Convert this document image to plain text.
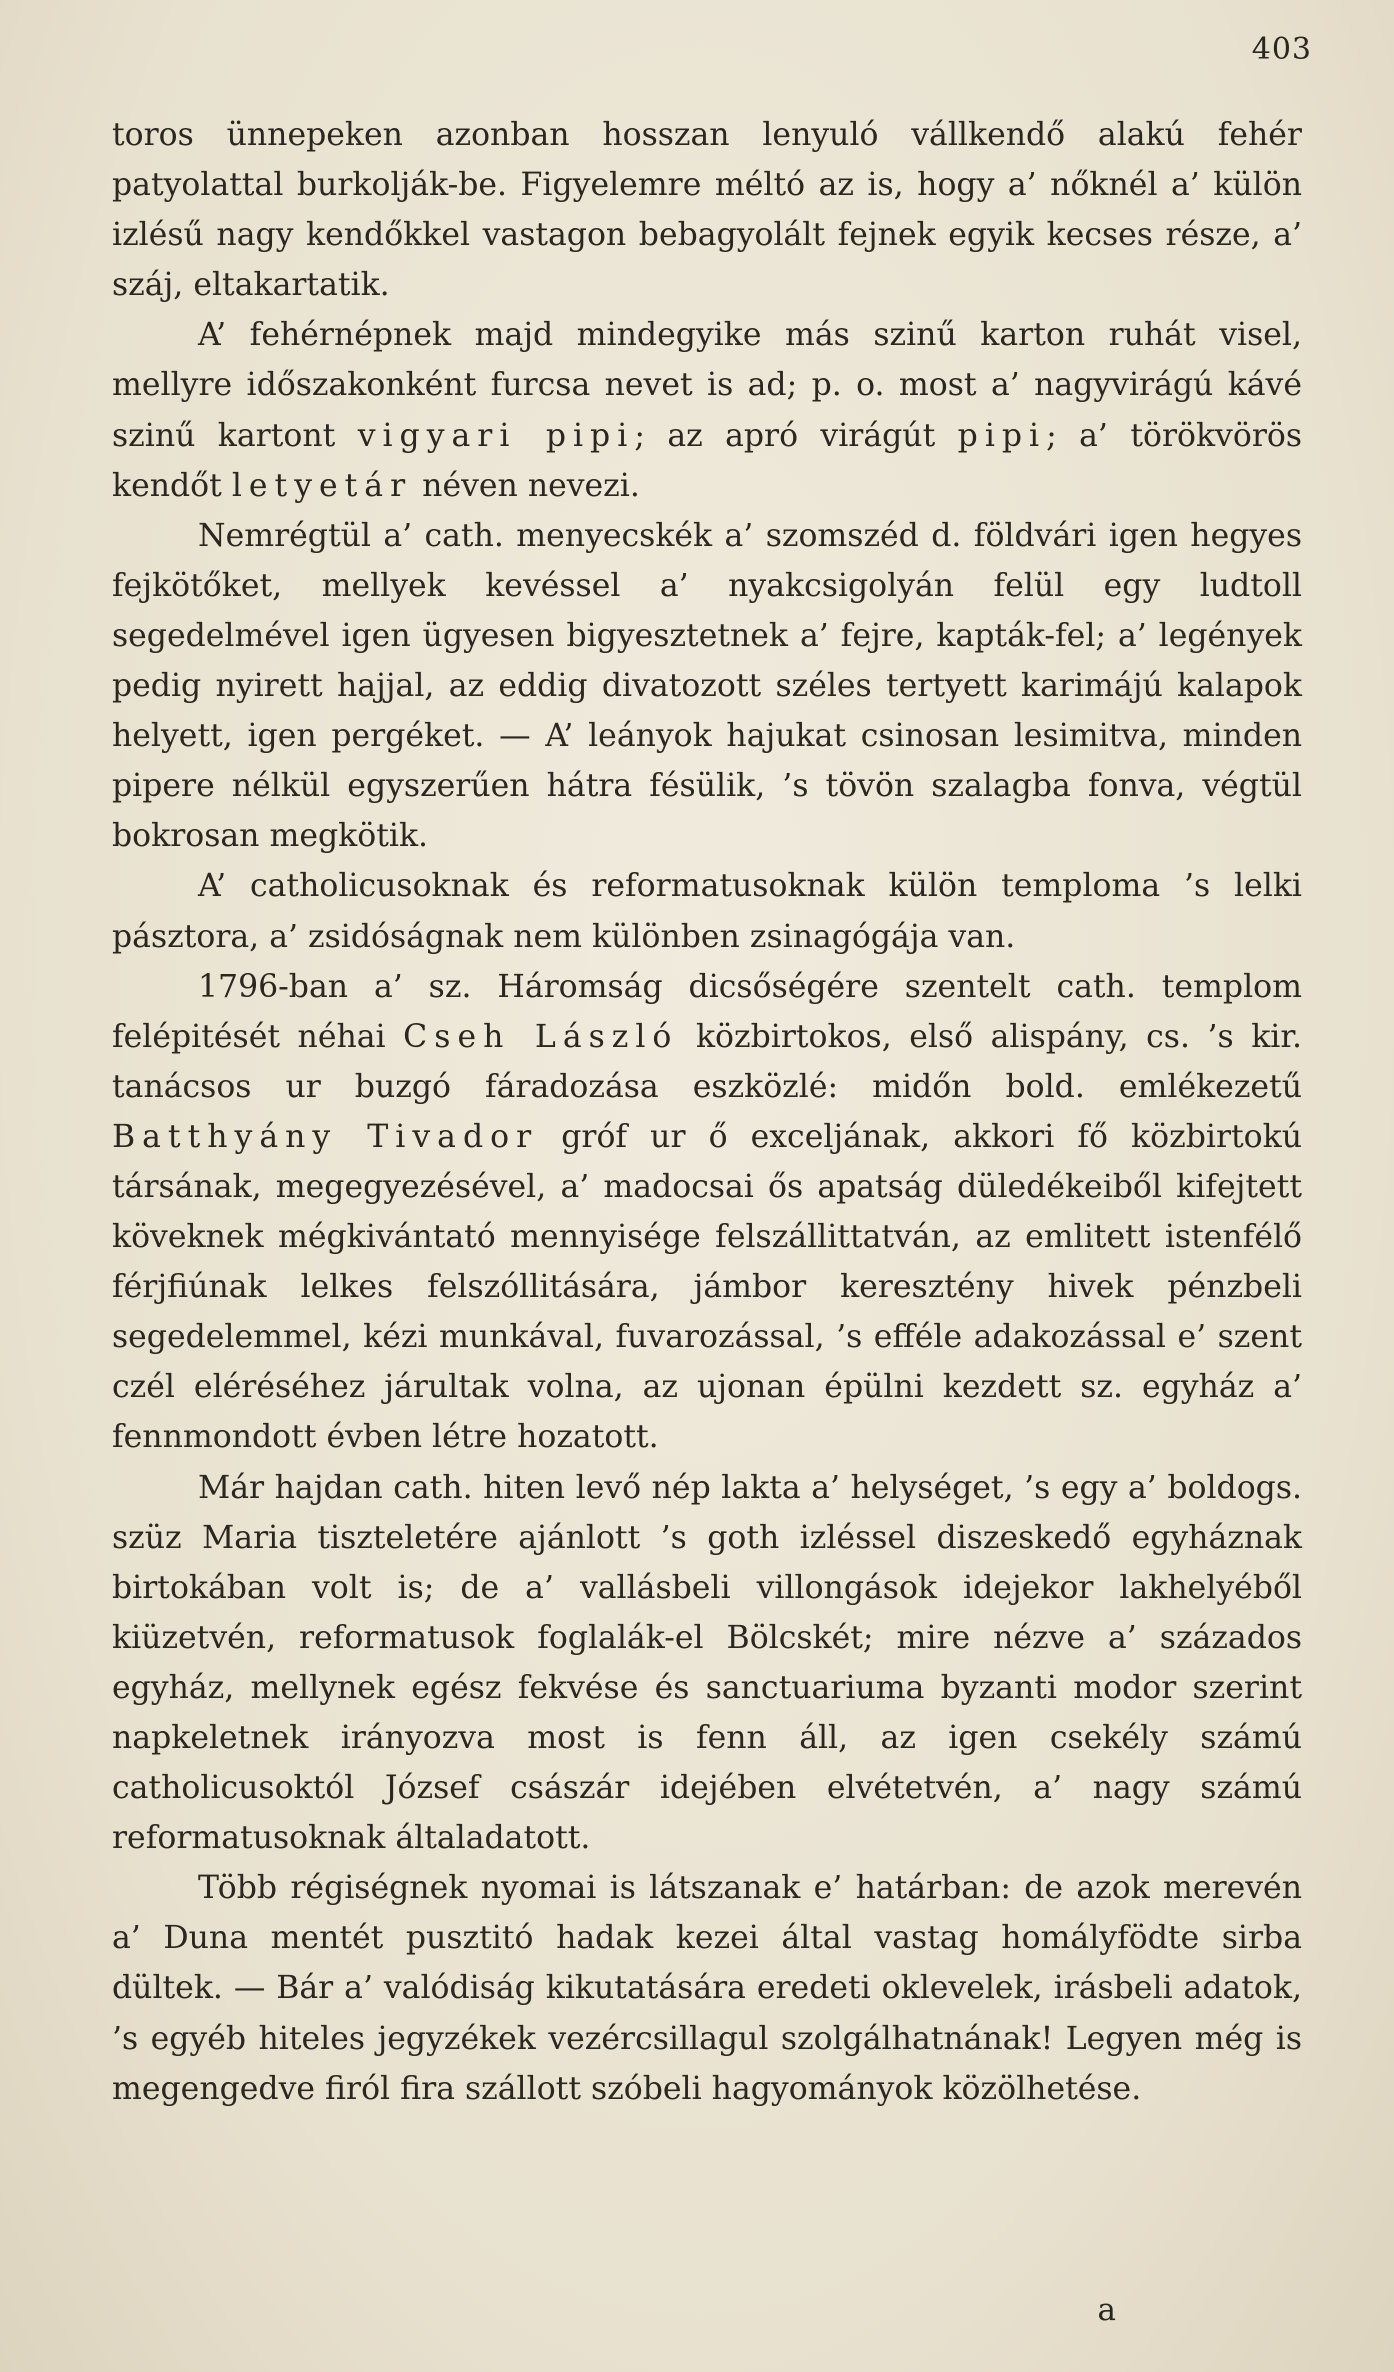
403

toros ünnepeken azonban hosszan lenyuló vállkendő alakú fehér patyolattal burkolják-be. Figyelemre méltó az is, hogy a’ nőknél a’ külön izlésű nagy kendőkkel vastagon bebagyolált fejnek egyik kecses része, a’ száj, eltakartatik.

A’ fehérnépnek majd mindegyike más szinű karton ruhát visel, mellyre időszakonként furcsa nevet is ad; p. o. most a’ nagyvirágú kávé szinű kartont vigyari pipi; az apró virágút pipi; a’ törökvörös kendőt letyetár néven nevezi.

Nemrégtül a’ cath. menyecskék a’ szomszéd d. földvári igen hegyes fejkötőket, mellyek kevéssel a’ nyakcsigolyán felül egy ludtoll segedelmével igen ügyesen bigyesztetnek a’ fejre, kapták-fel; a’ legények pedig nyirett hajjal, az eddig divatozott széles tertyett karimájú kalapok helyett, igen pergéket. — A’ leányok hajukat csinosan lesimitva, minden pipere nélkül egyszerűen hátra fésülik, ’s tövön szalagba fonva, végtül bokrosan megkötik.

A’ catholicusoknak és reformatusoknak külön temploma ’s lelki pásztora, a’ zsidóságnak nem különben zsinagógája van.

1796-ban a’ sz. Háromság dicsőségére szentelt cath. templom felépitését néhai Cseh László közbirtokos, első alispány, cs. ’s kir. tanácsos ur buzgó fáradozása eszközlé: midőn bold. emlékezetű Batthyány Tivador gróf ur ő exceljának, akkori fő közbirtokú társának, megegyezésével, a’ madocsai ős apatság düledékeiből kifejtett köveknek mégkivántató mennyisége felszállittatván, az emlitett istenfélő férjfiúnak lelkes felszóllitására, jámbor keresztény hivek pénzbeli segedelemmel, kézi munkával, fuvarozással, ’s efféle adakozással e’ szent czél eléréséhez járultak volna, az ujonan épülni kezdett sz. egyház a’ fennmondott évben létre hozatott.

Már hajdan cath. hiten levő nép lakta a’ helységet, ’s egy a’ boldogs. szüz Maria tiszteletére ajánlott ’s goth izléssel diszeskedő egyháznak birtokában volt is; de a’ vallásbeli villongások idejekor lakhelyéből kiüzetvén, reformatusok foglalák-el Bölcskét; mire nézve a’ százados egyház, mellynek egész fekvése és sanctuariuma byzanti modor szerint napkeletnek irányozva most is fenn áll, az igen csekély számú catholicusoktól József császár idejében elvétetvén, a’ nagy számú reformatusoknak általadatott.

Több régiségnek nyomai is látszanak e’ határban: de azok merevén a’ Duna mentét pusztitó hadak kezei által vastag homályfödte sirba dültek. — Bár a’ valódiság kikutatására eredeti oklevelek, irásbeli adatok, ’s egyéb hiteles jegyzékek vezércsillagul szolgálhatnának! Legyen még is megengedve firól fira szállott szóbeli hagyományok közölhetése.

a
